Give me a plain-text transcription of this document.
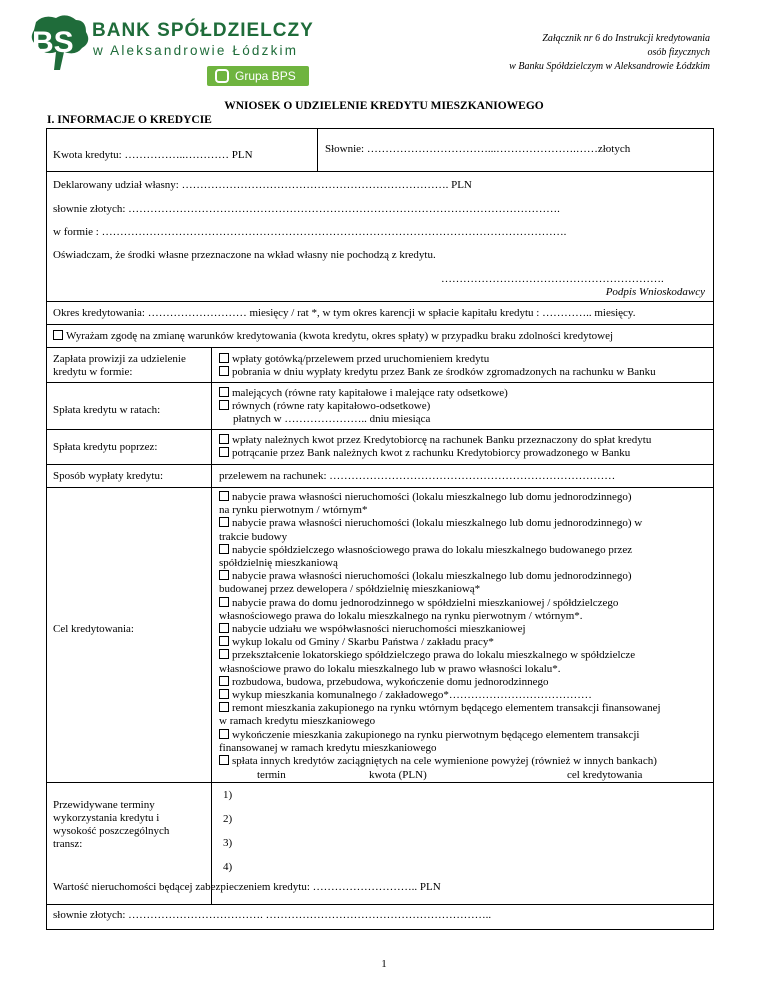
BS BANK SPÓŁDZIELCZY
w Aleksandrowie Łódzkim
Grupa BPS
Załącznik nr 6 do Instrukcji kredytowania
osób fizycznych
w Banku Spółdzielczym w Aleksandrowie Łódzkim
WNIOSEK O UDZIELENIE KREDYTU MIESZKANIOWEGO
I. INFORMACJE O KREDYCIE
Kwota kredytu: ……………..………… PLN	Słownie: ……………………………...………………….……złotych
Deklarowany udział własny: ………………………………………………………………. PLN
słownie złotych: ……………………………………………………………………………………………………….
w formie : ……………………………………………………………………………………………………………….
Oświadczam, że środki własne przeznaczone na wkład własny nie pochodzą z kredytu.
…………………………………………………….
Podpis Wnioskodawcy
Okres kredytowania: ……………………… miesięcy / rat *, w tym okres karencji w spłacie kapitału kredytu : ………….. miesięcy.
Wyrażam zgodę na zmianę warunków kredytowania (kwota kredytu, okres spłaty) w przypadku braku zdolności kredytowej
Zapłata prowizji za udzielenie
kredytu w formie:
wpłaty gotówką/przelewem przed uruchomieniem kredytu
pobrania w dniu wypłaty kredytu przez Bank ze środków zgromadzonych na rachunku w Banku
Spłata kredytu w ratach:
malejących (równe raty kapitałowe i malejące raty odsetkowe)
równych (równe raty kapitałowo-odsetkowe)
płatnych w ………………….. dniu miesiąca
Spłata kredytu poprzez:
wpłaty należnych kwot przez Kredytobiorcę na rachunek Banku przeznaczony do spłat kredytu
potrącanie przez Bank należnych kwot z rachunku Kredytobiorcy prowadzonego w Banku
Sposób wypłaty kredytu:	przelewem na rachunek: ……………………………………………………………………
Cel kredytowania:
nabycie prawa własności nieruchomości (lokalu mieszkalnego lub domu jednorodzinnego)
na rynku pierwotnym / wtórnym*
nabycie prawa własności nieruchomości (lokalu mieszkalnego lub domu jednorodzinnego) w
trakcie budowy
nabycie spółdzielczego własnościowego prawa do lokalu mieszkalnego budowanego przez
spółdzielnię mieszkaniową
nabycie prawa własności nieruchomości (lokalu mieszkalnego lub domu jednorodzinnego)
budowanej przez dewelopera / spółdzielnię mieszkaniową*
nabycie prawa do domu jednorodzinnego w spółdzielni mieszkaniowej / spółdzielczego
własnościowego prawa do lokalu mieszkalnego na rynku pierwotnym / wtórnym*.
nabycie udziału we współwłasności nieruchomości mieszkaniowej
wykup lokalu od Gminy / Skarbu Państwa / zakładu pracy*
przekształcenie lokatorskiego spółdzielczego prawa do lokalu mieszkalnego w spółdzielcze
własnościowe prawo do lokalu mieszkalnego lub w prawo własności lokalu*.
rozbudowa, budowa, przebudowa, wykończenie domu jednorodzinnego
wykup mieszkania komunalnego / zakładowego*…………………………………
remont mieszkania zakupionego na rynku wtórnym będącego elementem transakcji finansowanej
w ramach kredytu mieszkaniowego
wykończenie mieszkania zakupionego na rynku pierwotnym będącego elementem transakcji
finansowanej w ramach kredytu mieszkaniowego
spłata innych kredytów zaciągniętych na cele wymienione powyżej (również w innych bankach)
termin	kwota (PLN)	cel kredytowania
Przewidywane terminy
wykorzystania kredytu i
wysokość poszczególnych
transz:
1)
2)
3)
4)
Wartość nieruchomości będącej zabezpieczeniem kredytu: ……………………….. PLN
słownie złotych: ………………………………. ……………………………………………………..
1
